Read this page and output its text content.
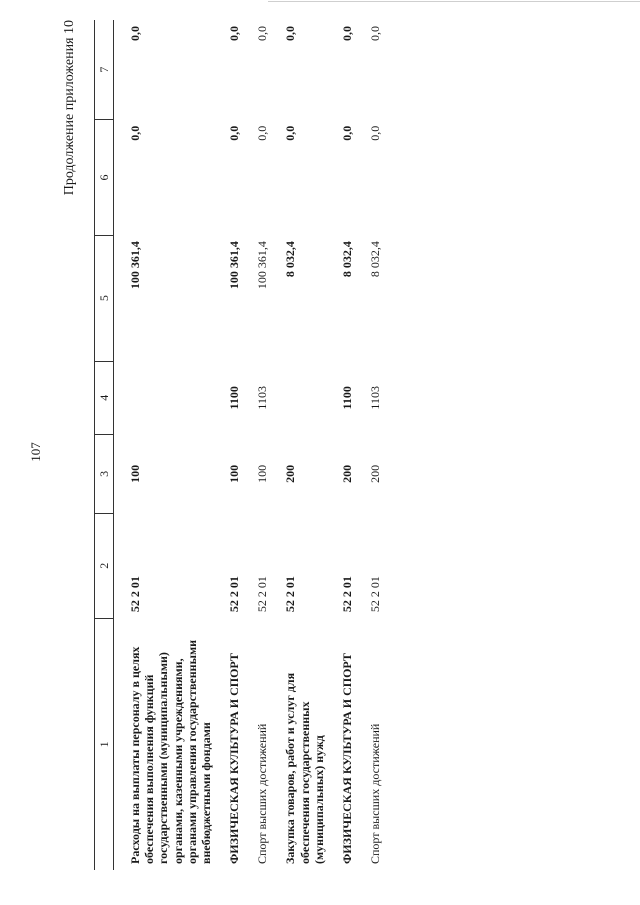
107
Продолжение приложения 10
1	2	3	4	5	6	7
Расходы на выплаты персоналу в целях обеспечения выполнения функций государственными (муниципальными) органами, казенными учреждениями, органами управления государственными внебюджетными фондами	52 2 01	100		100 361,4	0,0	0,0

ФИЗИЧЕСКАЯ КУЛЬТУРА И СПОРТ	52 2 01	100	1100	100 361,4	0,0	0,0

Спорт высших достижений	52 2 01	100	1103	100 361,4	0,0	0,0

Закупка товаров, работ и услуг для обеспечения государственных (муниципальных) нужд	52 2 01	200		8 032,4	0,0	0,0

ФИЗИЧЕСКАЯ КУЛЬТУРА И СПОРТ	52 2 01	200	1100	8 032,4	0,0	0,0

Спорт высших достижений	52 2 01	200	1103	8 032,4	0,0	0,0
